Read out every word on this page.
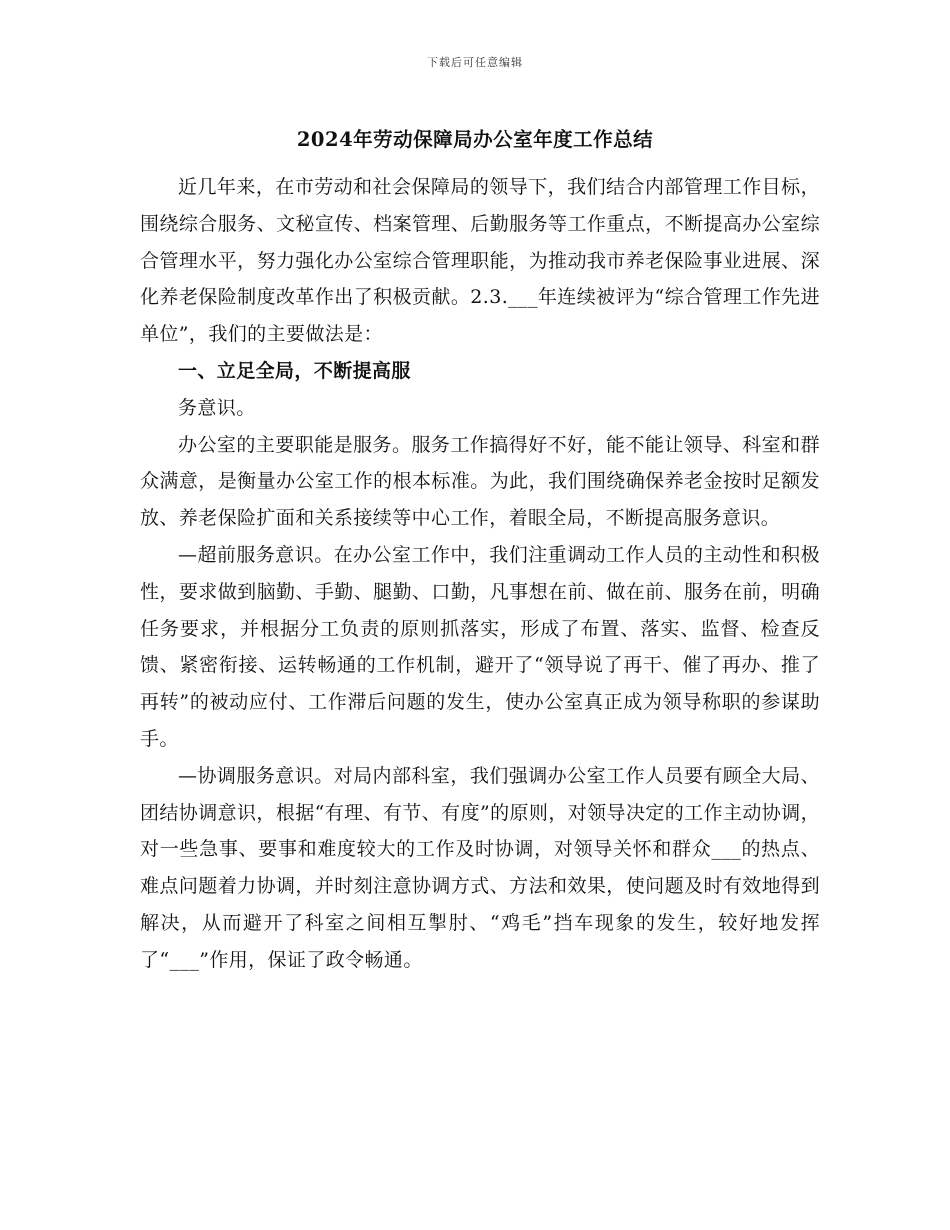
下载后可任意编辑
2024年劳动保障局办公室年度工作总结

近几年来，在市劳动和社会保障局的领导下，我们结合内部管理工作目标，围绕综合服务、文秘宣传、档案管理、后勤服务等工作重点，不断提高办公室综合管理水平，努力强化办公室综合管理职能，为推动我市养老保险事业进展、深化养老保险制度改革作出了积极贡献。2.3.___年连续被评为“综合管理工作先进单位”，我们的主要做法是：

一、立足全局，不断提高服

务意识。

办公室的主要职能是服务。服务工作搞得好不好，能不能让领导、科室和群众满意，是衡量办公室工作的根本标准。为此，我们围绕确保养老金按时足额发放、养老保险扩面和关系接续等中心工作，着眼全局，不断提高服务意识。

—超前服务意识。在办公室工作中，我们注重调动工作人员的主动性和积极性，要求做到脑勤、手勤、腿勤、口勤，凡事想在前、做在前、服务在前，明确任务要求，并根据分工负责的原则抓落实，形成了布置、落实、监督、检查反馈、紧密衔接、运转畅通的工作机制，避开了“领导说了再干、催了再办、推了再转”的被动应付、工作滞后问题的发生，使办公室真正成为领导称职的参谋助手。

—协调服务意识。对局内部科室，我们强调办公室工作人员要有顾全大局、团结协调意识，根据“有理、有节、有度”的原则，对领导决定的工作主动协调，对一些急事、要事和难度较大的工作及时协调，对领导关怀和群众___的热点、难点问题着力协调，并时刻注意协调方式、方法和效果，使问题及时有效地得到解决，从而避开了科室之间相互掣肘、“鸡毛”挡车现象的发生，较好地发挥了“___”作用，保证了政令畅通。
